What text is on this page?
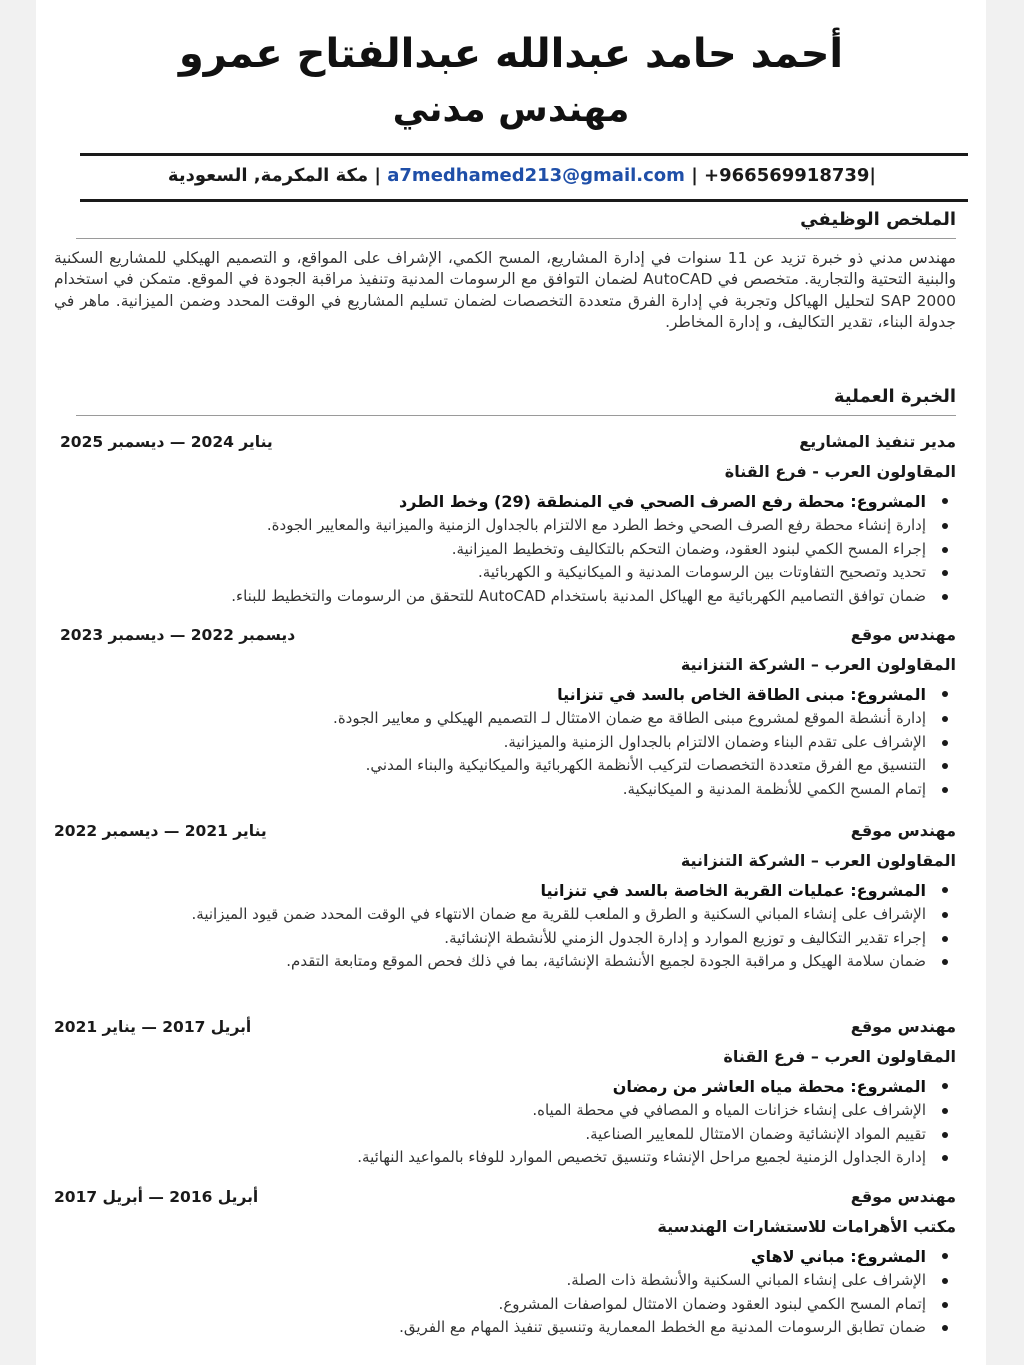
أحمد حامد عبدالله عبدالفتاح عمرو
مهندس مدني
+966569918739| | a7medhamed213@gmail.com | مكة المكرمة, السعودية
الملخص الوظيفي
مهندس مدني ذو خبرة تزيد عن 11 سنوات في إدارة المشاريع، المسح الكمي، الإشراف على المواقع، و التصميم الهيكلي للمشاريع السكنية والبنية التحتية والتجارية. متخصص في AutoCAD لضمان التوافق مع الرسومات المدنية وتنفيذ مراقبة الجودة في الموقع. متمكن في استخدام SAP 2000 لتحليل الهياكل وتجربة في إدارة الفرق متعددة التخصصات لضمان تسليم المشاريع في الوقت المحدد وضمن الميزانية. ماهر في جدولة البناء، تقدير التكاليف، و إدارة المخاطر.
الخبرة العملية
مدير تنفيذ المشاريع
يناير 2024 — ديسمبر 2025
المقاولون العرب - فرع القناة
المشروع: محطة رفع الصرف الصحي في المنطقة (29) وخط الطرد
إدارة إنشاء محطة رفع الصرف الصحي وخط الطرد مع الالتزام بالجداول الزمنية والميزانية والمعايير الجودة.
إجراء المسح الكمي لبنود العقود، وضمان التحكم بالتكاليف وتخطيط الميزانية.
تحديد وتصحيح التفاوتات بين الرسومات المدنية و الميكانيكية و الكهربائية.
ضمان توافق التصاميم الكهربائية مع الهياكل المدنية باستخدام AutoCAD للتحقق من الرسومات والتخطيط للبناء.
مهندس موقع
ديسمبر 2022 — ديسمبر 2023
المقاولون العرب – الشركة التنزانية
المشروع: مبنى الطاقة الخاص بالسد في تنزانيا
إدارة أنشطة الموقع لمشروع مبنى الطاقة مع ضمان الامتثال لـ التصميم الهيكلي و معايير الجودة.
الإشراف على تقدم البناء وضمان الالتزام بالجداول الزمنية والميزانية.
التنسيق مع الفرق متعددة التخصصات لتركيب الأنظمة الكهربائية والميكانيكية والبناء المدني.
إتمام المسح الكمي للأنظمة المدنية و الميكانيكية.
مهندس موقع
يناير 2021 — ديسمبر 2022
المقاولون العرب – الشركة التنزانية
المشروع: عمليات القرية الخاصة بالسد في تنزانيا
الإشراف على إنشاء المباني السكنية و الطرق و الملعب للقرية مع ضمان الانتهاء في الوقت المحدد ضمن قيود الميزانية.
إجراء تقدير التكاليف و توزيع الموارد و إدارة الجدول الزمني للأنشطة الإنشائية.
ضمان سلامة الهيكل و مراقبة الجودة لجميع الأنشطة الإنشائية، بما في ذلك فحص الموقع ومتابعة التقدم.
مهندس موقع
أبريل 2017 — يناير 2021
المقاولون العرب – فرع القناة
المشروع: محطة مياه العاشر من رمضان
الإشراف على إنشاء خزانات المياه و المصافي في محطة المياه.
تقييم المواد الإنشائية وضمان الامتثال للمعايير الصناعية.
إدارة الجداول الزمنية لجميع مراحل الإنشاء وتنسيق تخصيص الموارد للوفاء بالمواعيد النهائية.
مهندس موقع
أبريل 2016 — أبريل 2017
مكتب الأهرامات للاستشارات الهندسية
المشروع: مباني لاهاي
الإشراف على إنشاء المباني السكنية والأنشطة ذات الصلة.
إتمام المسح الكمي لبنود العقود وضمان الامتثال لمواصفات المشروع.
ضمان تطابق الرسومات المدنية مع الخطط المعمارية وتنسيق تنفيذ المهام مع الفريق.
